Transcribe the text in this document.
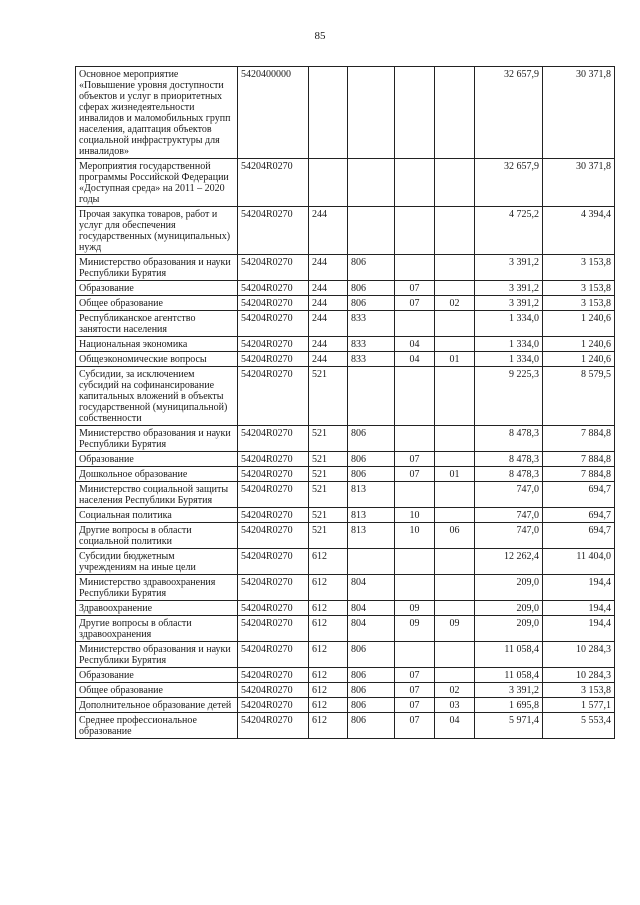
85
Основное мероприятие «Повышение уровня доступности объектов и услуг в приоритетных сферах жизнедеятельности инвалидов и маломобильных групп населения, адаптация объектов социальной инфраструктуры для инвалидов»	5420400000					32 657,9	30 371,8
Мероприятия государственной программы Российской Федерации «Доступная среда» на 2011 – 2020 годы	54204R0270					32 657,9	30 371,8
Прочая закупка товаров, работ и услуг для обеспечения государственных (муниципальных) нужд	54204R0270	244				4 725,2	4 394,4
Министерство образования и науки Республики Бурятия	54204R0270	244	806			3 391,2	3 153,8
Образование	54204R0270	244	806	07		3 391,2	3 153,8
Общее образование	54204R0270	244	806	07	02	3 391,2	3 153,8
Республиканское агентство занятости населения	54204R0270	244	833			1 334,0	1 240,6
Национальная экономика	54204R0270	244	833	04		1 334,0	1 240,6
Общеэкономические вопросы	54204R0270	244	833	04	01	1 334,0	1 240,6
Субсидии, за исключением субсидий на софинансирование капитальных вложений в объекты государственной (муниципальной) собственности	54204R0270	521				9 225,3	8 579,5
Министерство образования и науки Республики Бурятия	54204R0270	521	806			8 478,3	7 884,8
Образование	54204R0270	521	806	07		8 478,3	7 884,8
Дошкольное образование	54204R0270	521	806	07	01	8 478,3	7 884,8
Министерство социальной защиты населения Республики Бурятия	54204R0270	521	813			747,0	694,7
Социальная политика	54204R0270	521	813	10		747,0	694,7
Другие вопросы в области социальной политики	54204R0270	521	813	10	06	747,0	694,7
Субсидии бюджетным учреждениям на иные цели	54204R0270	612				12 262,4	11 404,0
Министерство здравоохранения Республики Бурятия	54204R0270	612	804			209,0	194,4
Здравоохранение	54204R0270	612	804	09		209,0	194,4
Другие вопросы в области здравоохранения	54204R0270	612	804	09	09	209,0	194,4
Министерство образования и науки Республики Бурятия	54204R0270	612	806			11 058,4	10 284,3
Образование	54204R0270	612	806	07		11 058,4	10 284,3
Общее образование	54204R0270	612	806	07	02	3 391,2	3 153,8
Дополнительное образование детей	54204R0270	612	806	07	03	1 695,8	1 577,1
Среднее профессиональное образование	54204R0270	612	806	07	04	5 971,4	5 553,4
